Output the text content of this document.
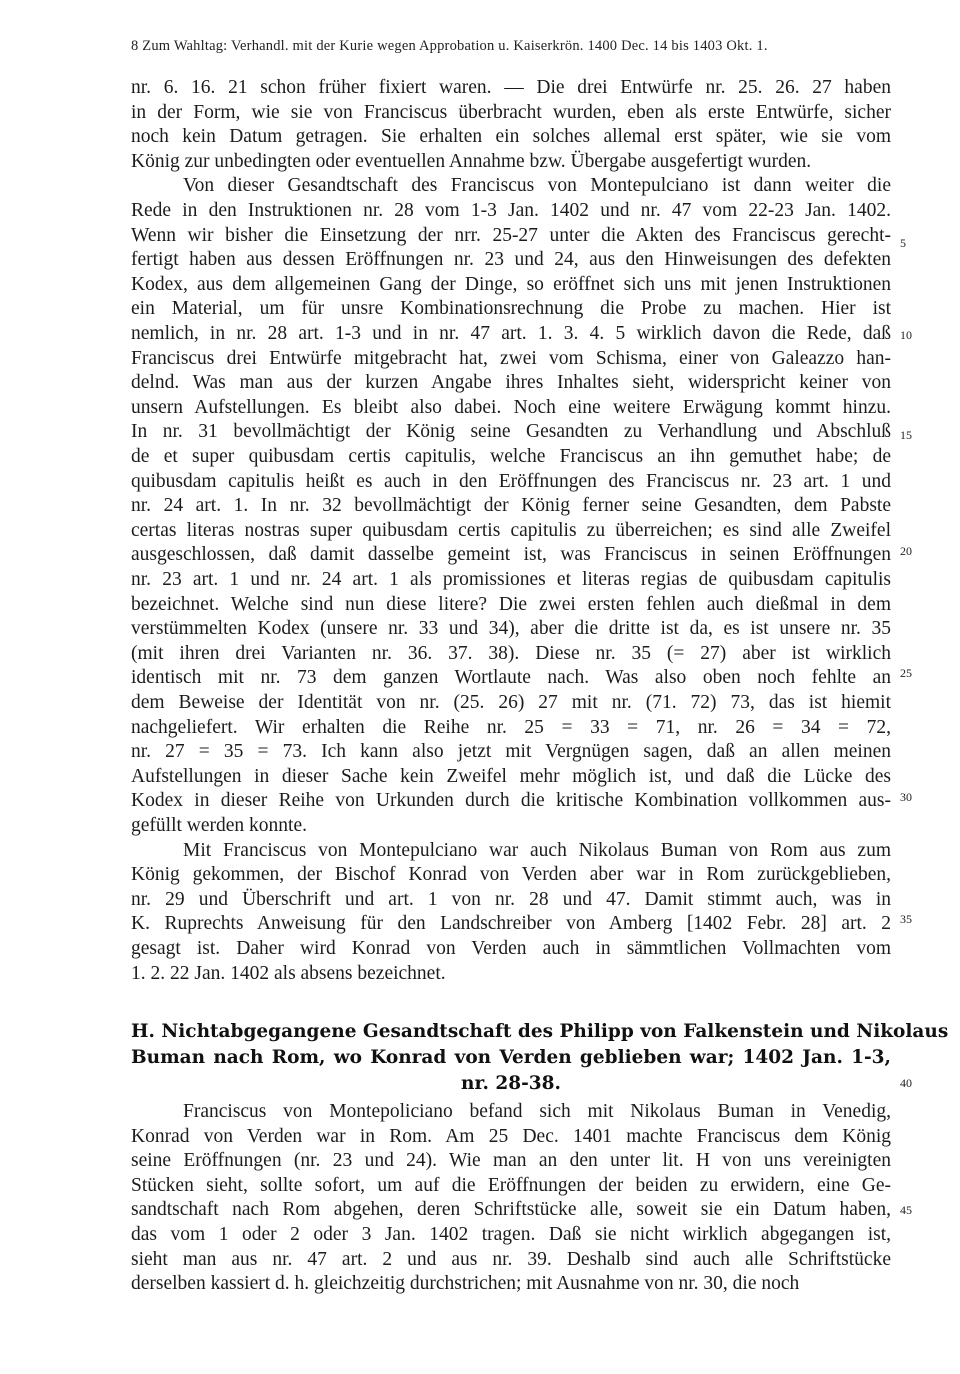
8 Zum Wahltag: Verhandl. mit der Kurie wegen Approbation u. Kaiserkrön. 1400 Dec. 14 bis 1403 Okt. 1.
nr. 6. 16. 21 schon früher fixiert waren. — Die drei Entwürfe nr. 25. 26. 27 haben
in der Form, wie sie von Franciscus überbracht wurden, eben als erste Entwürfe, sicher
noch kein Datum getragen. Sie erhalten ein solches allemal erst später, wie sie vom
König zur unbedingten oder eventuellen Annahme bzw. Übergabe ausgefertigt wurden.
Von dieser Gesandtschaft des Franciscus von Montepulciano ist dann weiter die
Rede in den Instruktionen nr. 28 vom 1-3 Jan. 1402 und nr. 47 vom 22-23 Jan. 1402.
Wenn wir bisher die Einsetzung der nrr. 25-27 unter die Akten des Franciscus gerecht-
fertigt haben aus dessen Eröffnungen nr. 23 und 24, aus den Hinweisungen des defekten
Kodex, aus dem allgemeinen Gang der Dinge, so eröffnet sich uns mit jenen Instruktionen
ein Material, um für unsre Kombinationsrechnung die Probe zu machen. Hier ist
nemlich, in nr. 28 art. 1-3 und in nr. 47 art. 1. 3. 4. 5 wirklich davon die Rede, daß
Franciscus drei Entwürfe mitgebracht hat, zwei vom Schisma, einer von Galeazzo han-
delnd. Was man aus der kurzen Angabe ihres Inhaltes sieht, widerspricht keiner von
unsern Aufstellungen. Es bleibt also dabei. Noch eine weitere Erwägung kommt hinzu.
In nr. 31 bevollmächtigt der König seine Gesandten zu Verhandlung und Abschluß
de et super quibusdam certis capitulis, welche Franciscus an ihn gemuthet habe; de
quibusdam capitulis heißt es auch in den Eröffnungen des Franciscus nr. 23 art. 1 und
nr. 24 art. 1. In nr. 32 bevollmächtigt der König ferner seine Gesandten, dem Pabste
certas literas nostras super quibusdam certis capitulis zu überreichen; es sind alle Zweifel
ausgeschlossen, daß damit dasselbe gemeint ist, was Franciscus in seinen Eröffnungen
nr. 23 art. 1 und nr. 24 art. 1 als promissiones et literas regias de quibusdam capitulis
bezeichnet. Welche sind nun diese litere? Die zwei ersten fehlen auch dießmal in dem
verstümmelten Kodex (unsere nr. 33 und 34), aber die dritte ist da, es ist unsere nr. 35
(mit ihren drei Varianten nr. 36. 37. 38). Diese nr. 35 (= 27) aber ist wirklich
identisch mit nr. 73 dem ganzen Wortlaute nach. Was also oben noch fehlte an
dem Beweise der Identität von nr. (25. 26) 27 mit nr. (71. 72) 73, das ist hiemit
nachgeliefert. Wir erhalten die Reihe nr. 25 = 33 = 71, nr. 26 = 34 = 72,
nr. 27 = 35 = 73. Ich kann also jetzt mit Vergnügen sagen, daß an allen meinen
Aufstellungen in dieser Sache kein Zweifel mehr möglich ist, und daß die Lücke des
Kodex in dieser Reihe von Urkunden durch die kritische Kombination vollkommen aus-
gefüllt werden konnte.
Mit Franciscus von Montepulciano war auch Nikolaus Buman von Rom aus zum
König gekommen, der Bischof Konrad von Verden aber war in Rom zurückgeblieben,
nr. 29 und Überschrift und art. 1 von nr. 28 und 47. Damit stimmt auch, was in
K. Ruprechts Anweisung für den Landschreiber von Amberg [1402 Febr. 28] art. 2
gesagt ist. Daher wird Konrad von Verden auch in sämmtlichen Vollmachten vom
1. 2. 22 Jan. 1402 als absens bezeichnet.
H. Nichtabgegangene Gesandtschaft des Philipp von Falkenstein und Nikolaus
Buman nach Rom, wo Konrad von Verden geblieben war; 1402 Jan. 1-3,
nr. 28-38.
Franciscus von Montepoliciano befand sich mit Nikolaus Buman in Venedig,
Konrad von Verden war in Rom. Am 25 Dec. 1401 machte Franciscus dem König
seine Eröffnungen (nr. 23 und 24). Wie man an den unter lit. H von uns vereinigten
Stücken sieht, sollte sofort, um auf die Eröffnungen der beiden zu erwidern, eine Ge-
sandtschaft nach Rom abgehen, deren Schriftstücke alle, soweit sie ein Datum haben,
das vom 1 oder 2 oder 3 Jan. 1402 tragen. Daß sie nicht wirklich abgegangen ist,
sieht man aus nr. 47 art. 2 und aus nr. 39. Deshalb sind auch alle Schriftstücke
derselben kassiert d. h. gleichzeitig durchstrichen; mit Ausnahme von nr. 30, die noch
5
10
15
20
25
30
35
40
45
